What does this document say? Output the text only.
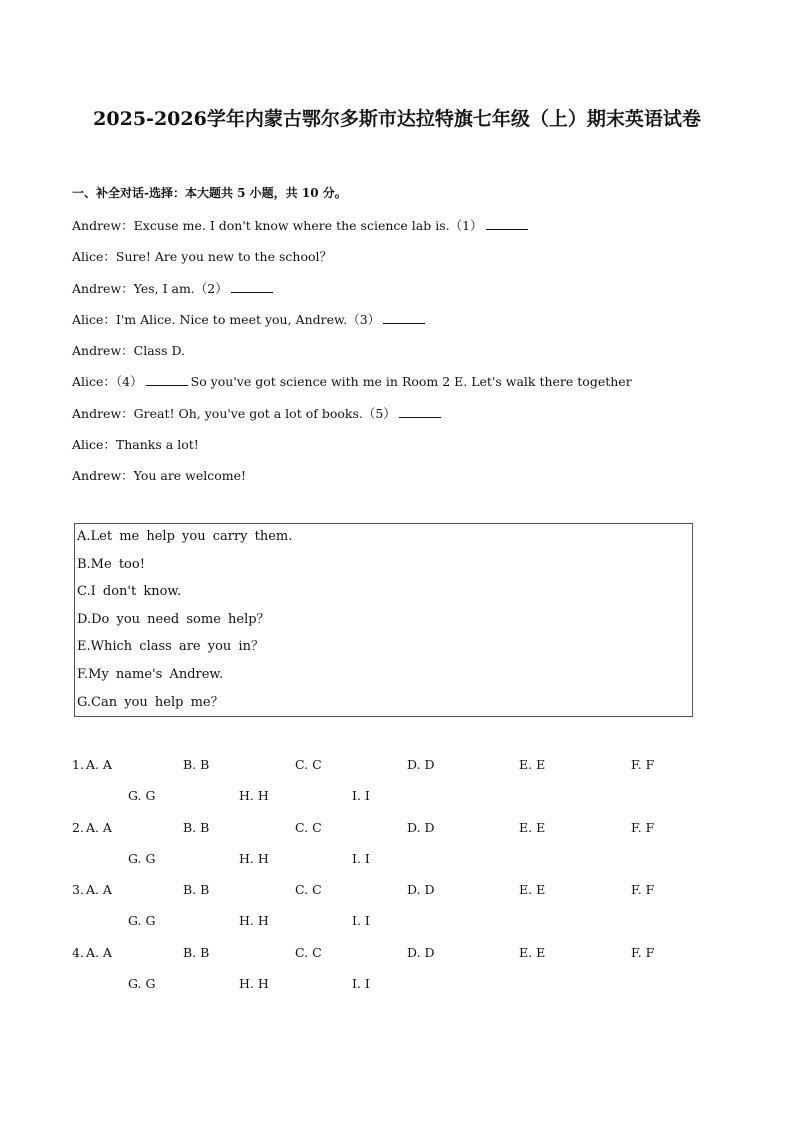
2025-2026学年内蒙古鄂尔多斯市达拉特旗七年级（上）期末英语试卷
一、补全对话-选择：本大题共 5 小题，共 10 分。
Andrew：Excuse me. I don't know where the science lab is.（1）
Alice：Sure! Are you new to the school？
Andrew：Yes, I am.（2）
Alice：I'm Alice. Nice to meet you, Andrew.（3）
Andrew：Class D.
Alice：（4）	So you've got science with me in Room 2 E. Let's walk there together
Andrew：Great! Oh, you've got a lot of books.（5）
Alice：Thanks a lot!
Andrew：You are welcome!
A.Let me help you carry them.
B.Me too!
C.I don't know.
D.Do you need some help？
E.Which class are you in？
F.My name's Andrew.
G.Can you help me？
1. A. A	B. B	C. C	D. D	E. E	F. F
G. G	H. H	I. I
2. A. A	B. B	C. C	D. D	E. E	F. F
G. G	H. H	I. I
3. A. A	B. B	C. C	D. D	E. E	F. F
G. G	H. H	I. I
4. A. A	B. B	C. C	D. D	E. E	F. F
G. G	H. H	I. I
